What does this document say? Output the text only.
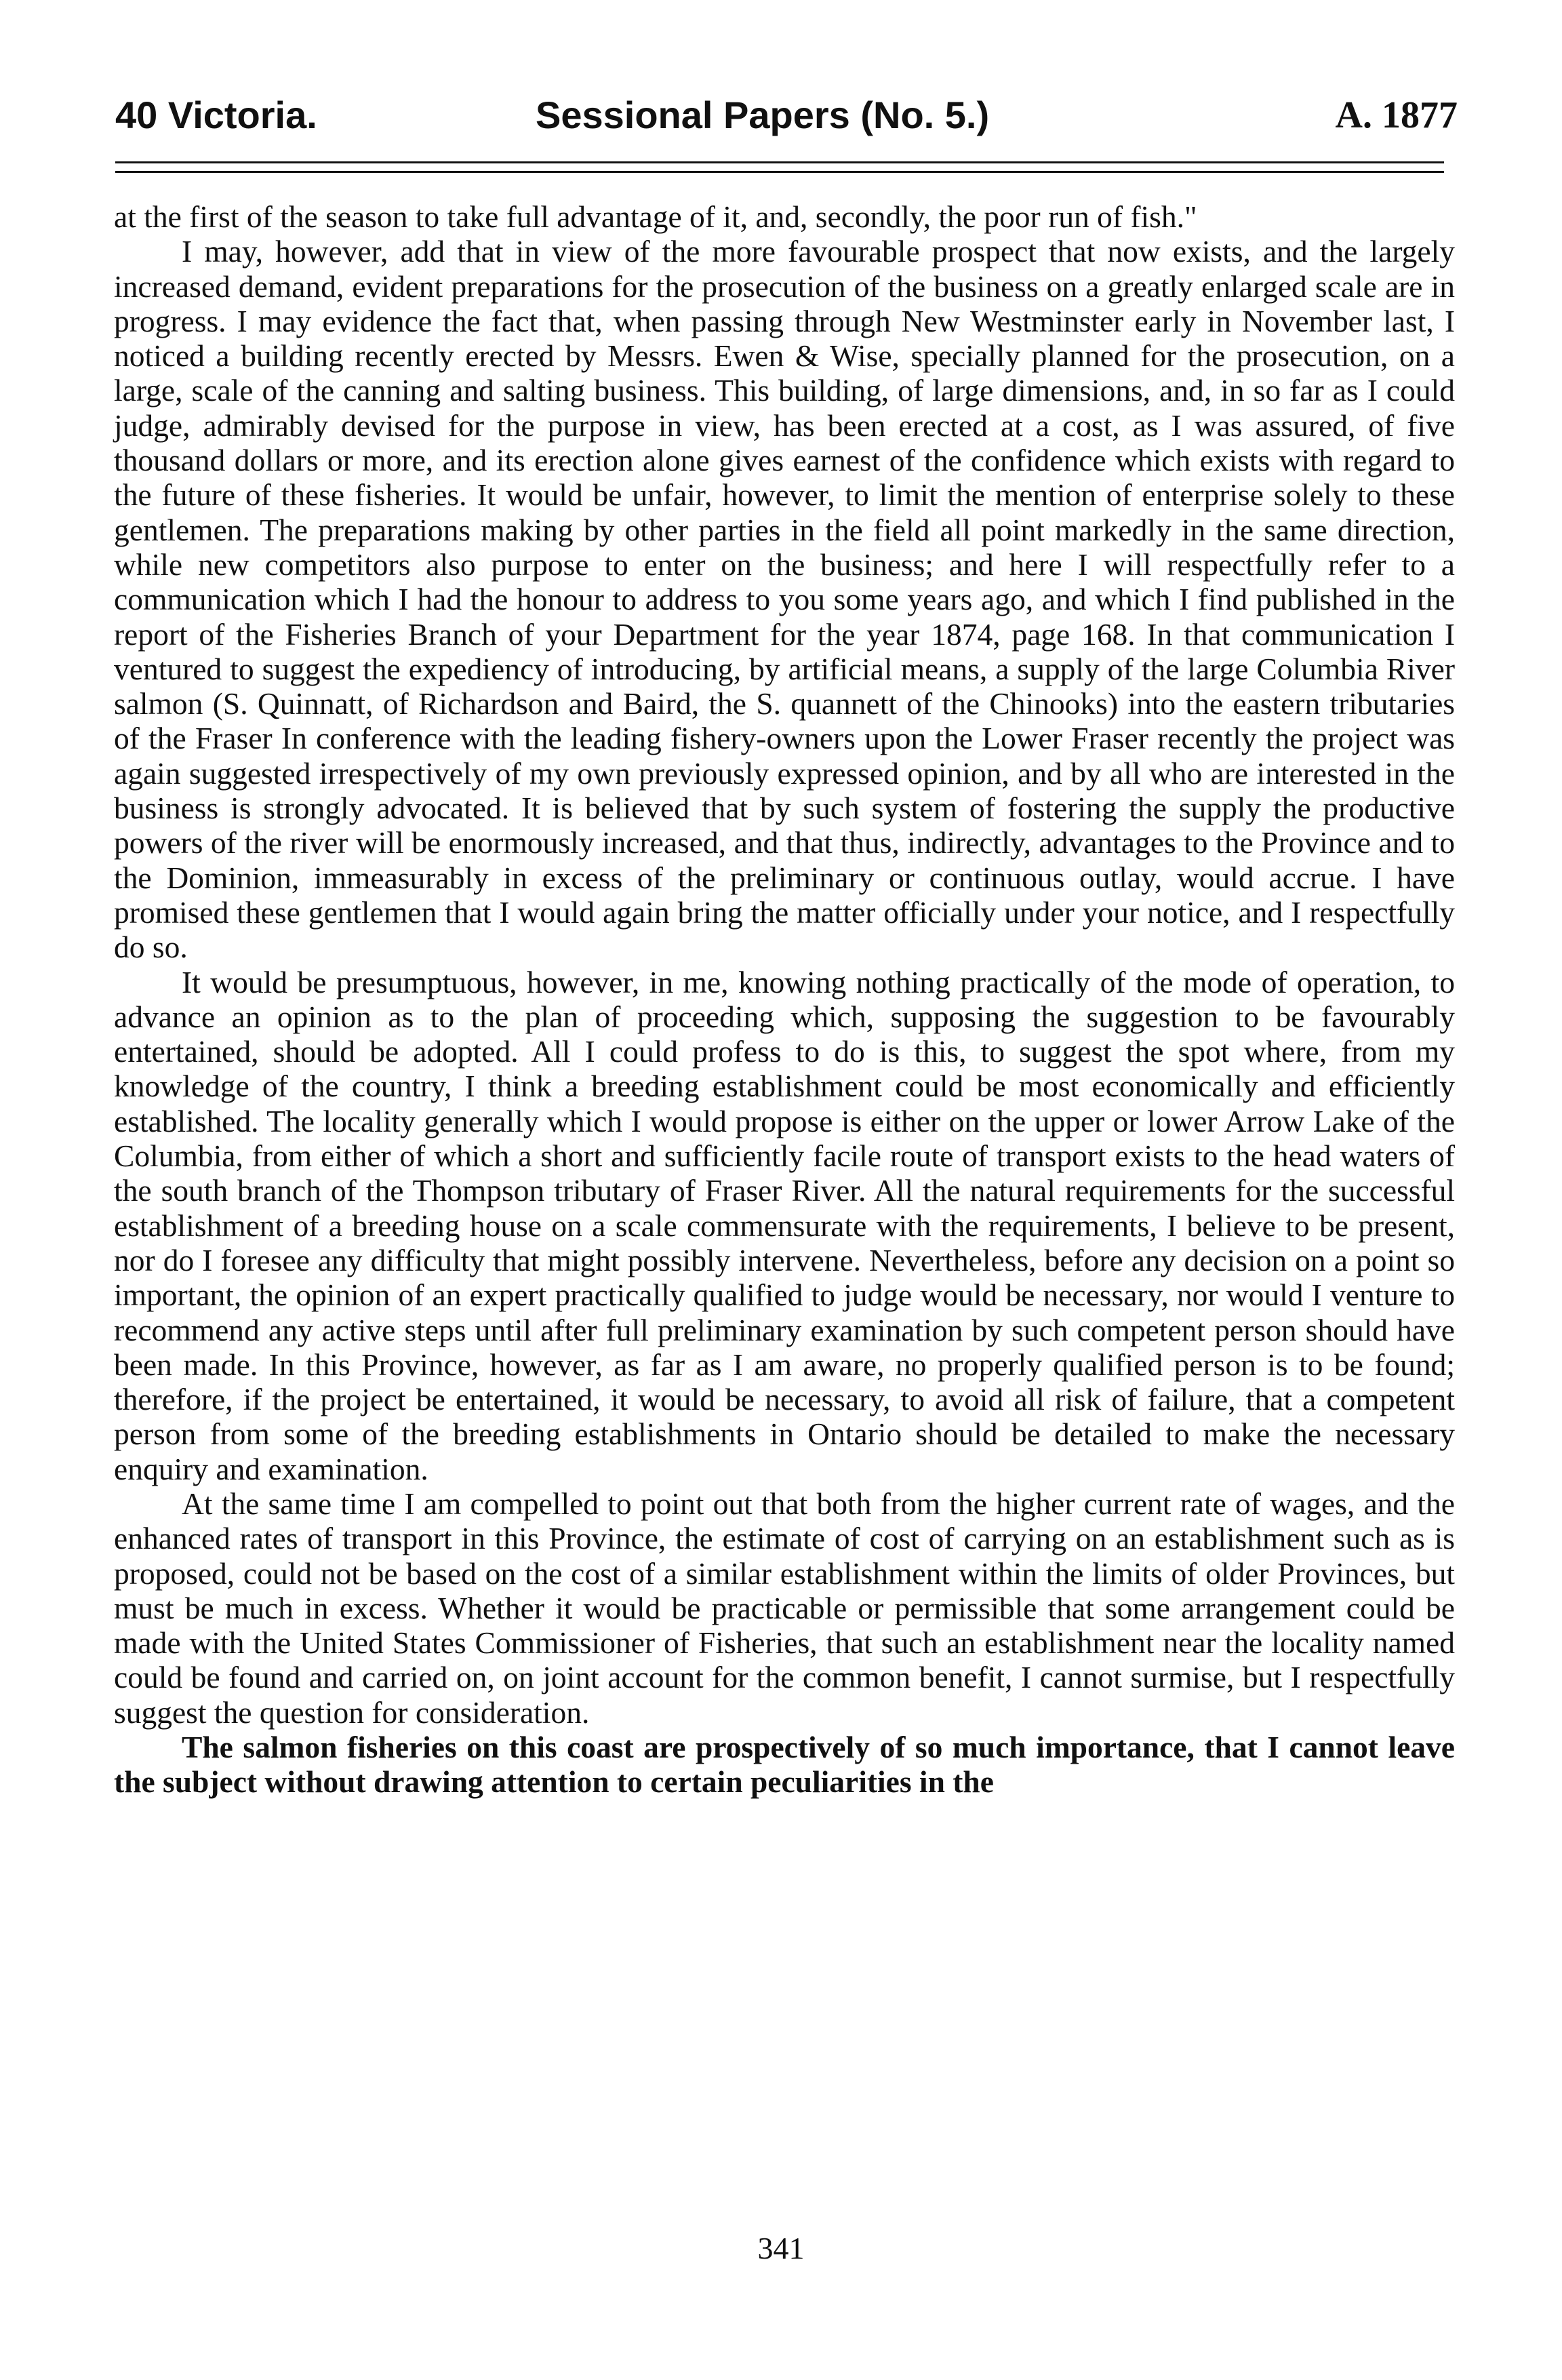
40 Victoria.	Sessional Papers (No. 5.)	A. 1877

at the first of the season to take full advantage of it, and, secondly, the poor run of fish."

I may, however, add that in view of the more favourable prospect that now exists, and the largely increased demand, evident preparations for the prosecution of the business on a greatly enlarged scale are in progress. I may evidence the fact that, when passing through New Westminster early in November last, I noticed a building recently erected by Messrs. Ewen & Wise, specially planned for the prosecution, on a large, scale of the canning and salting business. This building, of large dimensions, and, in so far as I could judge, admirably devised for the purpose in view, has been erected at a cost, as I was assured, of five thousand dollars or more, and its erection alone gives earnest of the confidence which exists with regard to the future of these fisheries. It would be unfair, however, to limit the mention of enterprise solely to these gentlemen. The preparations making by other parties in the field all point markedly in the same direction, while new competitors also purpose to enter on the business; and here I will respectfully refer to a communication which I had the honour to address to you some years ago, and which I find published in the report of the Fisheries Branch of your Department for the year 1874, page 168. In that communication I ventured to suggest the expediency of introducing, by artificial means, a supply of the large Columbia River salmon (S. Quinnatt, of Richardson and Baird, the S. quannett of the Chinooks) into the eastern tributaries of the Fraser In conference with the leading fishery-owners upon the Lower Fraser recently the project was again suggested irrespectively of my own previously expressed opinion, and by all who are interested in the business is strongly advocated. It is believed that by such system of fostering the supply the productive powers of the river will be enormously increased, and that thus, indirectly, advantages to the Province and to the Dominion, immeasurably in excess of the preliminary or continuous outlay, would accrue. I have promised these gentlemen that I would again bring the matter officially under your notice, and I respectfully do so.

It would be presumptuous, however, in me, knowing nothing practically of the mode of operation, to advance an opinion as to the plan of proceeding which, supposing the suggestion to be favourably entertained, should be adopted. All I could profess to do is this, to suggest the spot where, from my knowledge of the country, I think a breeding establishment could be most economically and efficiently established. The locality generally which I would propose is either on the upper or lower Arrow Lake of the Columbia, from either of which a short and sufficiently facile route of transport exists to the head waters of the south branch of the Thompson tributary of Fraser River. All the natural requirements for the successful establishment of a breeding house on a scale commensurate with the requirements, I believe to be present, nor do I foresee any difficulty that might possibly intervene. Nevertheless, before any decision on a point so important, the opinion of an expert practically qualified to judge would be necessary, nor would I venture to recommend any active steps until after full preliminary examination by such competent person should have been made. In this Province, however, as far as I am aware, no properly qualified person is to be found; therefore, if the project be entertained, it would be necessary, to avoid all risk of failure, that a competent person from some of the breeding establishments in Ontario should be detailed to make the necessary enquiry and examination.

At the same time I am compelled to point out that both from the higher current rate of wages, and the enhanced rates of transport in this Province, the estimate of cost of carrying on an establishment such as is proposed, could not be based on the cost of a similar establishment within the limits of older Provinces, but must be much in excess. Whether it would be practicable or permissible that some arrangement could be made with the United States Commissioner of Fisheries, that such an establishment near the locality named could be found and carried on, on joint account for the common benefit, I cannot surmise, but I respectfully suggest the question for consideration.

The salmon fisheries on this coast are prospectively of so much importance, that I cannot leave the subject without drawing attention to certain peculiarities in the

341
